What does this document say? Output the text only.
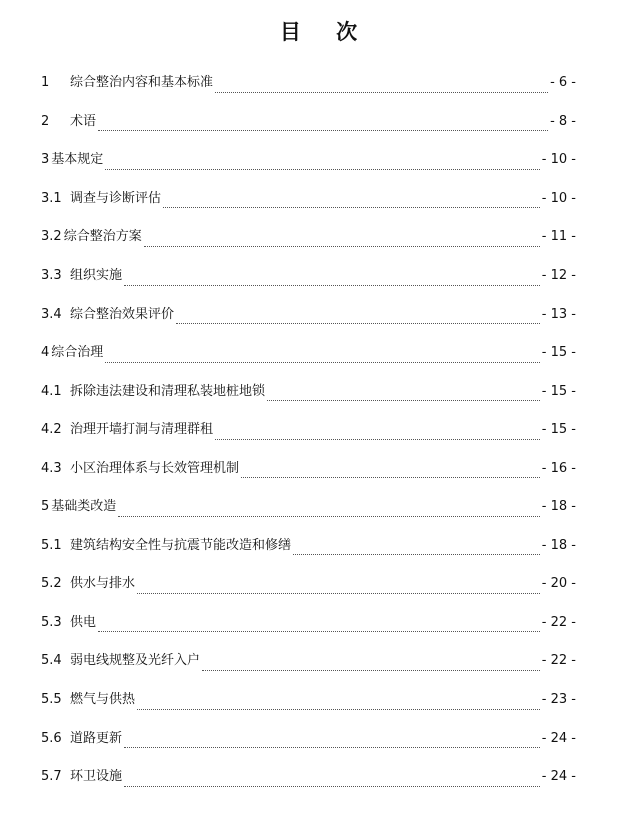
目 次
1	综合整治内容和基本标准	- 6 -
2	术语	- 8 -
3 基本规定	- 10 -
3.1 调查与诊断评估	- 10 -
3.2 综合整治方案	- 11 -
3.3 组织实施	- 12 -
3.4 综合整治效果评价	- 13 -
4 综合治理	- 15 -
4.1 拆除违法建设和清理私装地桩地锁	- 15 -
4.2 治理开墙打洞与清理群租	- 15 -
4.3 小区治理体系与长效管理机制	- 16 -
5 基础类改造	- 18 -
5.1 建筑结构安全性与抗震节能改造和修缮	- 18 -
5.2 供水与排水	- 20 -
5.3 供电	- 22 -
5.4 弱电线规整及光纤入户	- 22 -
5.5 燃气与供热	- 23 -
5.6 道路更新	- 24 -
5.7 环卫设施	- 24 -
